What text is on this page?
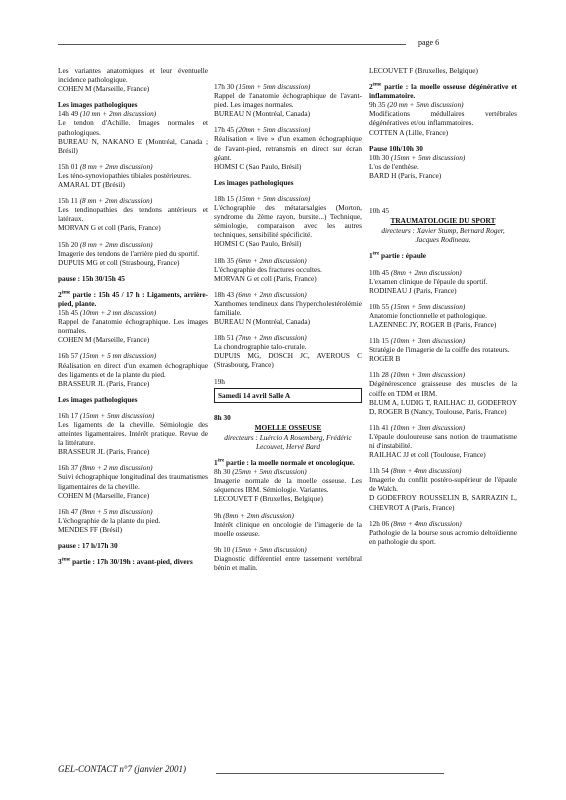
page 6

Les variantes anatomiques et leur éventuelle incidence pathologique.
COHEN M (Marseille, France)

Les images pathologiques

14h 49 (10 mn + 2mn discussion)
Le tendon d'Achille. Images normales et pathologiques.
BUREAU N, NAKANO E (Montréal, Canada ; Brésil)

15h 01 (8 mn + 2mn discussion)
Les téno-synoviopathies tibiales postérieures.
AMARAL DT (Brésil)

15h 11 (8 mn + 2mn discussion)
Les tendinopathies des tendons antérieurs et latéraux.
MORVAN G et coll (Paris, France)

15h 20 (8 mn + 2mn discussion)
Imagerie des tendons de l'arrière pied du sportif.
DUPUIS MG et coll (Strasbourg, France)

pause : 15h 30/15h 45

2ème partie : 15h 45 / 17 h : Ligaments, arrière-pied, plante.

15h 45 (10mn + 2 mn discussion)
Rappel de l'anatomie échographique. Les images normales.
COHEN M (Marseille, France)

16h 57 (15mn + 5 mn discussion)
Réalisation en direct d'un examen échographique des ligaments et de la plante du pied.
BRASSEUR JL (Paris, France)

Les images pathologiques

16h 17 (15mn + 5mn discussion)
Les ligaments de la cheville. Sémiologie des atteintes ligamentaires. Intérêt pratique. Revue de la littérature.
BRASSEUR JL (Paris, France)

16h 37 (8mn + 2 mn discussion)
Suivi échographique longitudinal des traumatismes ligamentaires de la cheville.
COHEN M (Marseille, France)

16h 47 (8mn + 5 mn discussion)
L'échographie de la plante du pied.
MENDES FF (Brésil)

pause : 17 h/17h 30

3ème partie : 17h 30/19h : avant-pied, divers

17h 30 (15mn + 5mn discussion)
Rappel de l'anatomie échographique de l'avant-pied. Les images normales.
BUREAU N (Montréal, Canada)

17h 45 (20mn + 5mn discussion)
Réalisation « live » d'un examen échographique de l'avant-pied, retransmis en direct sur écran géant.
HOMSI C (Sao Paulo, Brésil)

Les images pathologiques

18h 15 (15mn + 5mn discussion)
L'échographie des métatarsalgies (Morton, syndrome du 2ème rayon, bursite...) Technique, sémiologie, comparaison avec les autres techniques, sensibilité spécificité.
HOMSI C (Sao Paulo, Brésil)

18h 35 (6mn + 2mn discussion)
L'échographie des fractures occultes.
MORVAN G et coll (Paris, France)

18h 43 (6mn + 2mn discussion)
Xanthomes tendineux dans l'hypercholestérolémie familiale.
BUREAU N (Montréal, Canada)

18h 51 (7mn + 2mn discussion)
La chondrographie talo-crurale.
DUPUIS MG, DOSCH JC, AVEROUS C (Strasbourg, France)

19h

Samedi 14 avril Salle A

8h 30

MOELLE OSSEUSE

directeurs : Luércio A Rosemberg, Frédéric Lecouvet, Hervé Bard

1ère partie : la moelle normale et oncologique.

8h 30 (25mn + 5mn discussion)
Imagerie normale de la moelle osseuse. Les séquences IRM. Sémiologie. Variantes.
LECOUVET F (Bruxelles, Belgique)

9h (8mn + 2mn discussion)
Intérêt clinique en oncologie de l'imagerie de la moelle osseuse.

9h 10 (15mn + 5mn discussion)
Diagnostic différentiel entre tassement vertébral bénin et malin.

LECOUVET F (Bruxelles, Belgique)

2ème partie : la moelle osseuse dégénérative et inflammatoire.

9h 35 (20 mn + 5mn discussion)
Modifications médullaires vertébrales dégénératives et/ou inflammatoires.
COTTEN A (Lille, France)

Pause 10h/10h 30

10h 30 (15mn + 5mn discussion)
L'os de l'enthèse.
BARD H (Paris, France)

10h 45

TRAUMATOLOGIE DU SPORT

directeurs : Xavier Stump, Bernard Roger, Jacques Rodineau.

1ère partie : épaule

10h 45 (8mn + 2mn discussion)
L'examen clinique de l'épaule du sportif.
RODINEAU J (Paris, France)

10h 55 (15mn + 5mn discussion)
Anatomie fonctionnelle et pathologique.
LAZENNEC JY, ROGER B (Paris, France)

11h 15 (10mn + 3mn discussion)
Stratégie de l'imagerie de la coiffe des rotateurs.
ROGER B

11h 28 (10mn + 3mn discussion)
Dégénérescence graisseuse des muscles de la coiffe en TDM et IRM.
BLUM A, LUDIG T, RAILHAC JJ, GODEFROY D, ROGER B (Nancy, Toulouse, Paris, France)

11h 41 (10mn + 3mn discussion)
L'épaule douloureuse sans notion de traumatisme ni d'instabilité.
RAILHAC JJ et coll (Toulouse, France)

11h 54 (8mn + 4mn discussion)
Imagerie du conflit postéro-supérieur de l'épaule de Walch.
D GODEFROY ROUSSELIN B, SARRAZIN L, CHEVROT A (Paris, France)

12h 06 (8mn + 4mn discussion)
Pathologie de la bourse sous acromio deltoïdienne en pathologie du sport.

GEL-CONTACT n°7 (janvier 2001)
